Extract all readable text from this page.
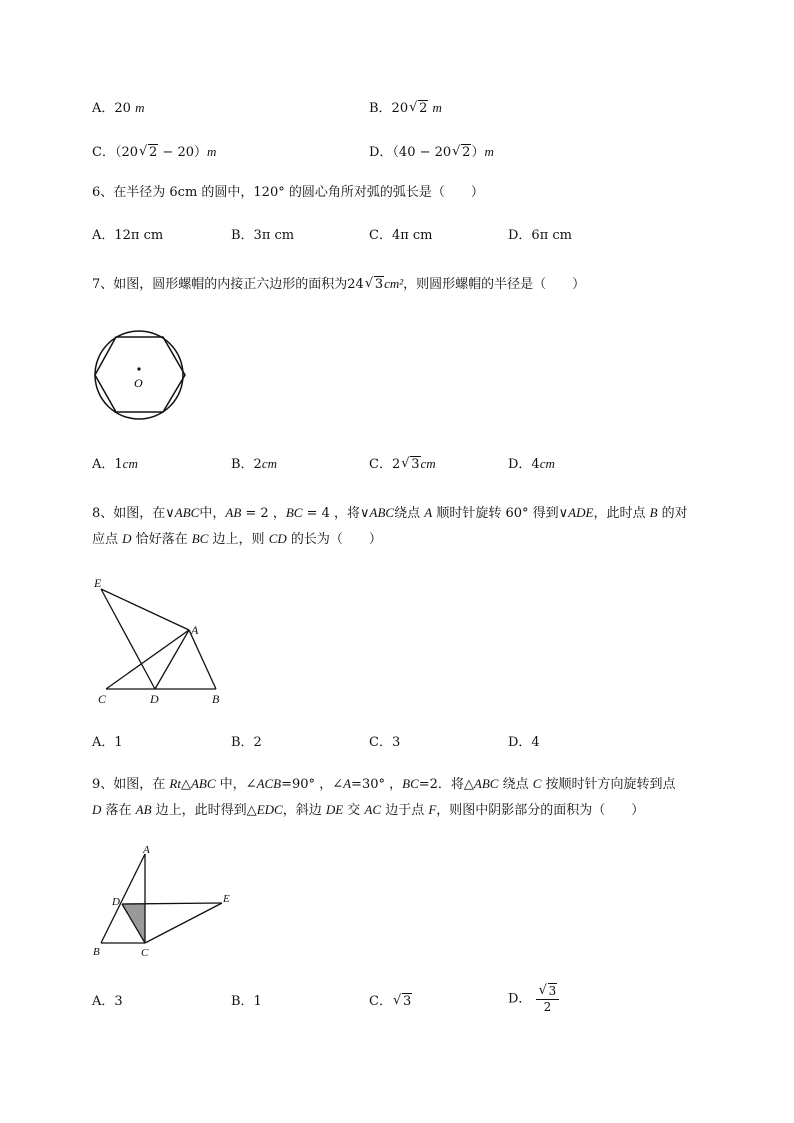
A．20 m	B．20 √ 2 m
C．（20 √ 2 − 20）m	D．（40 − 20 √ 2）m
6、在半径为 6cm 的圆中，120° 的圆心角所对弧的弧长是（　　）
A．12π cm	B．3π cm	C．4π cm	D．6π cm
7、如图，圆形螺帽的内接正六边形的面积为24 √ 3cm²，则圆形螺帽的半径是（　　）
O
A．1cm	B．2cm	C．2 √ 3cm	D．4cm
8、如图，在∨ABC中，AB = 2 ，BC = 4 ，将∨ABC绕点 A 顺时针旋转 60° 得到∨ADE，此时点 B 的对
应点 D 恰好落在 BC 边上，则 CD 的长为（　　）
E
A
C	D	B
A．1	B．2	C．3	D．4
9、如图，在 Rt△ABC 中，∠ACB=90° ，∠A=30° ，BC=2．将△ABC 绕点 C 按顺时针方向旋转到点
D 落在 AB 边上，此时得到△EDC，斜边 DE 交 AC 边于点 F，则图中阴影部分的面积为（　　）
A
D	E
B	C
A．3	B．1	C． √ 3	D． √ $\frac{3}{2}$
